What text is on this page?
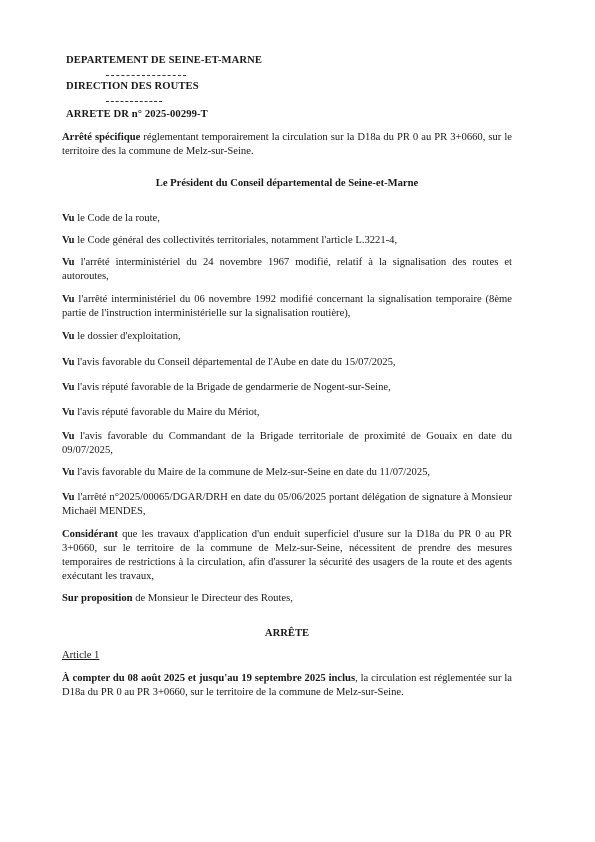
DEPARTEMENT DE SEINE-ET-MARNE
DIRECTION DES ROUTES
ARRETE DR n° 2025-00299-T
Arrêté spécifique réglementant temporairement la circulation sur la D18a du PR 0 au PR 3+0660, sur le territoire des la commune de Melz-sur-Seine.
Le Président du Conseil départemental de Seine-et-Marne
Vu le Code de la route,
Vu le Code général des collectivités territoriales, notamment l'article L.3221-4,
Vu l'arrêté interministériel du 24 novembre 1967 modifié, relatif à la signalisation des routes et autoroutes,
Vu l'arrêté interministériel du 06 novembre 1992 modifié concernant la signalisation temporaire (8ème partie de l'instruction interministérielle sur la signalisation routière),
Vu le dossier d'exploitation,
Vu l'avis favorable du Conseil départemental de l'Aube en date du 15/07/2025,
Vu l'avis réputé favorable de la Brigade de gendarmerie de Nogent-sur-Seine,
Vu l'avis réputé favorable du Maire du Mériot,
Vu l'avis favorable du Commandant de la Brigade territoriale de proximité de Gouaix en date du 09/07/2025,
Vu l'avis favorable du Maire de la commune de Melz-sur-Seine en date du 11/07/2025,
Vu l'arrêté n°2025/00065/DGAR/DRH en date du 05/06/2025 portant délégation de signature à Monsieur Michaël MENDES,
Considérant que les travaux d'application d'un enduit superficiel d'usure sur la D18a du PR 0 au PR 3+0660, sur le territoire de la commune de Melz-sur-Seine, nécessitent de prendre des mesures temporaires de restrictions à la circulation, afin d'assurer la sécurité des usagers de la route et des agents exécutant les travaux,
Sur proposition de Monsieur le Directeur des Routes,
ARRÊTE
Article 1
À compter du 08 août 2025 et jusqu'au 19 septembre 2025 inclus, la circulation est réglementée sur la D18a du PR 0 au PR 3+0660, sur le territoire de la commune de Melz-sur-Seine.
